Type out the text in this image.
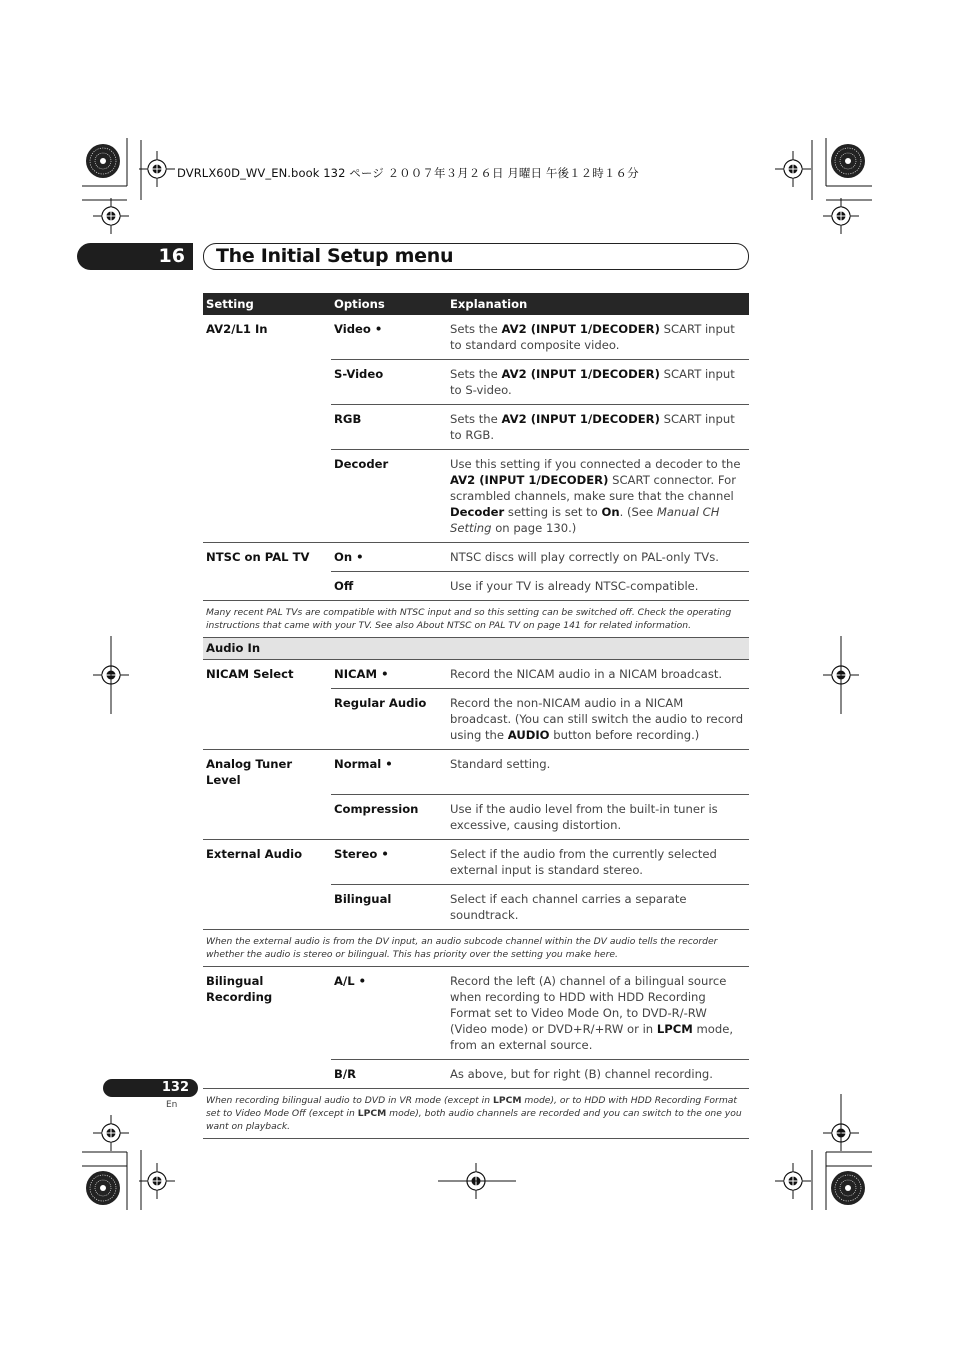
DVRLX60D_WV_EN.book 132 ページ ２００７年３月２６日 月曜日 午後１２時１６分
16 The Initial Setup menu
Setting	Options	Explanation
AV2/L1 In	Video •	Sets the AV2 (INPUT 1/DECODER) SCART input to standard composite video.
	S-Video	Sets the AV2 (INPUT 1/DECODER) SCART input to S-video.
	RGB	Sets the AV2 (INPUT 1/DECODER) SCART input to RGB.
	Decoder	Use this setting if you connected a decoder to the AV2 (INPUT 1/DECODER) SCART connector. For scrambled channels, make sure that the channel Decoder setting is set to On. (See Manual CH Setting on page 130.)
NTSC on PAL TV	On •	NTSC discs will play correctly on PAL-only TVs.
	Off	Use if your TV is already NTSC-compatible.
Many recent PAL TVs are compatible with NTSC input and so this setting can be switched off. Check the operating instructions that came with your TV. See also About NTSC on PAL TV on page 141 for related information.		
Audio In		
NICAM Select	NICAM •	Record the NICAM audio in a NICAM broadcast.
	Regular Audio	Record the non-NICAM audio in a NICAM broadcast. (You can still switch the audio to record using the AUDIO button before recording.)
Analog Tuner Level	Normal •	Standard setting.
	Compression	Use if the audio level from the built-in tuner is excessive, causing distortion.
External Audio	Stereo •	Select if the audio from the currently selected external input is standard stereo.
	Bilingual	Select if each channel carries a separate soundtrack.
When the external audio is from the DV input, an audio subcode channel within the DV audio tells the recorder whether the audio is stereo or bilingual. This has priority over the setting you make here.		
Bilingual Recording	A/L •	Record the left (A) channel of a bilingual source when recording to HDD with HDD Recording Format set to Video Mode On, to DVD-R/-RW (Video mode) or DVD+R/+RW or in LPCM mode, from an external source.
	B/R	As above, but for right (B) channel recording.
When recording bilingual audio to DVD in VR mode (except in LPCM mode), or to HDD with HDD Recording Format set to Video Mode Off (except in LPCM mode), both audio channels are recorded and you can switch to the one you want on playback.		
132
En
